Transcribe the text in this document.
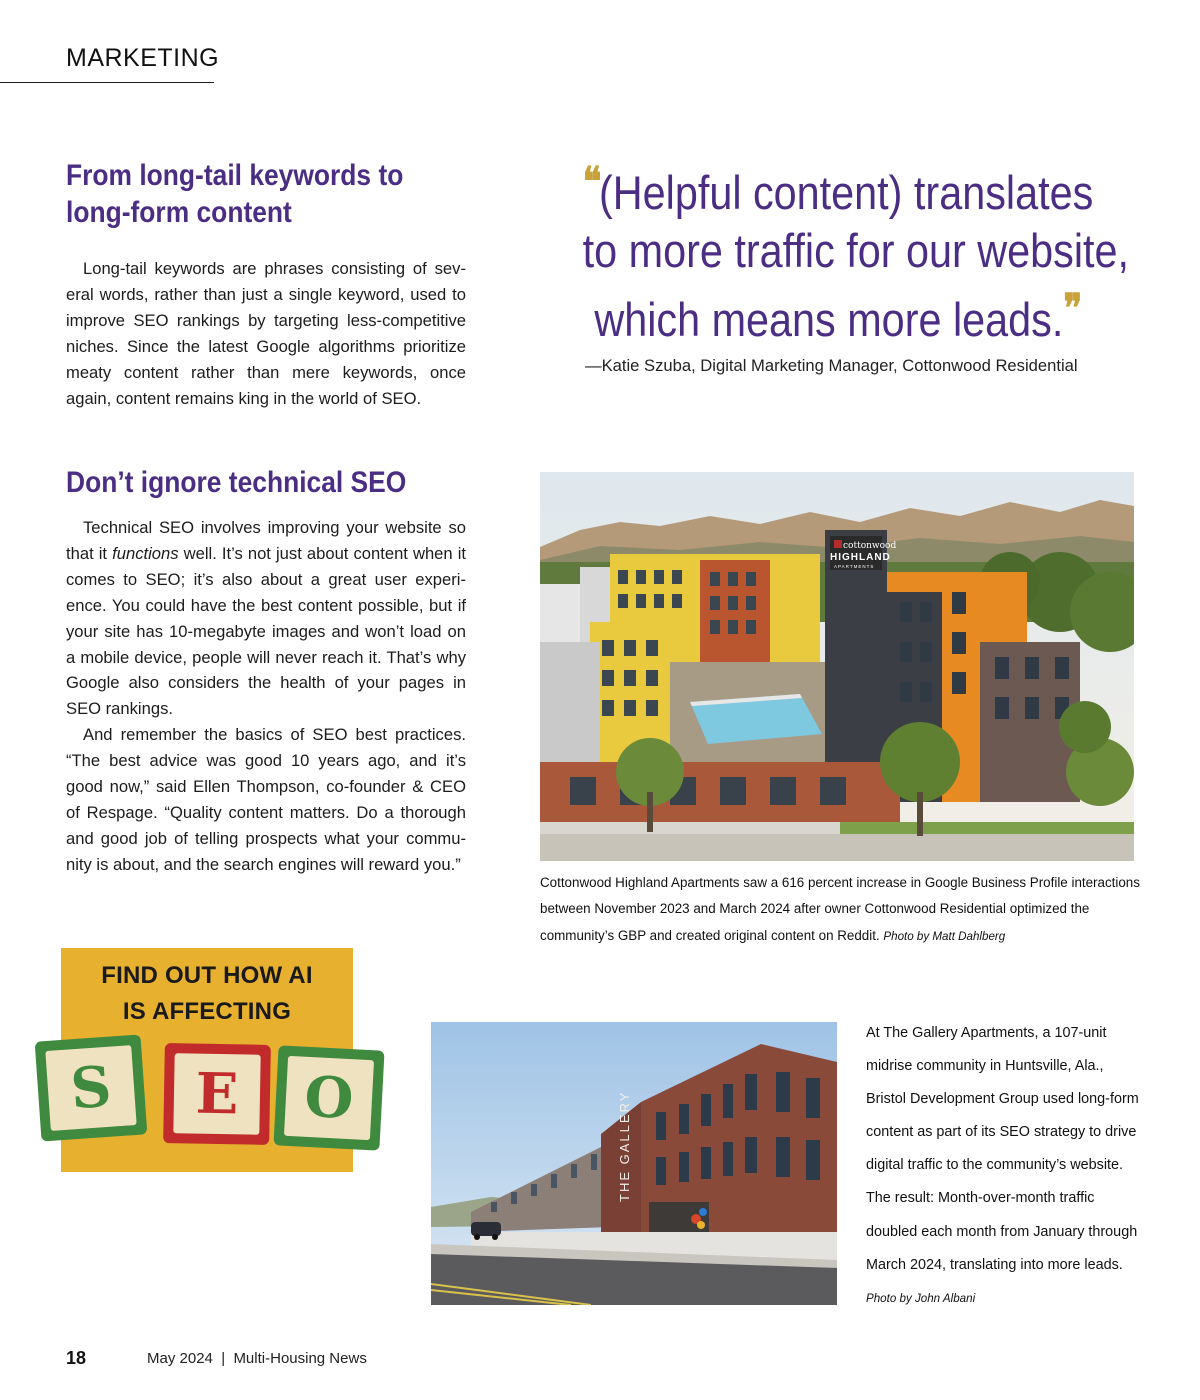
MARKETING
From long-tail keywords to long-form content

Long-tail keywords are phrases consisting of sev-eral words, rather than just a single keyword, used to improve SEO rankings by targeting less-competitive niches. Since the latest Google algorithms prioritize meaty content rather than mere keywords, once again, content remains king in the world of SEO.

Don’t ignore technical SEO

Technical SEO involves improving your website so that it functions well. It’s not just about content when it comes to SEO; it’s also about a great user experi-ence. You could have the best content possible, but if your site has 10-megabyte images and won’t load on a mobile device, people will never reach it. That’s why Google also considers the health of your pages in SEO rankings.

And remember the basics of SEO best practices. “The best advice was good 10 years ago, and it’s good now,” said Ellen Thompson, co-founder & CEO of Respage. “Quality content matters. Do a thorough and good job of telling prospects what your commu-nity is about, and the search engines will reward you.”

❝(Helpful content) translates
to more traffic for our website,
which means more leads.❞
—Katie Szuba, Digital Marketing Manager, Cottonwood Residential
cottonwood
HIGHLAND
APARTMENTS
Cottonwood Highland Apartments saw a 616 percent increase in Google Business Profile interactions between November 2023 and March 2024 after owner Cottonwood Residential optimized the community’s GBP and created original content on Reddit. Photo by Matt Dahlberg
FIND OUT HOW AI
IS AFFECTING
S	E	O	THE GALLERY
At The Gallery Apartments, a 107-unit midrise community in Huntsville, Ala., Bristol Development Group used long-form content as part of its SEO strategy to drive digital traffic to the community’s website. The result: Month-over-month traffic doubled each month from January through March 2024, translating into more leads. Photo by John Albani
18	May 2024  |  Multi-Housing News
